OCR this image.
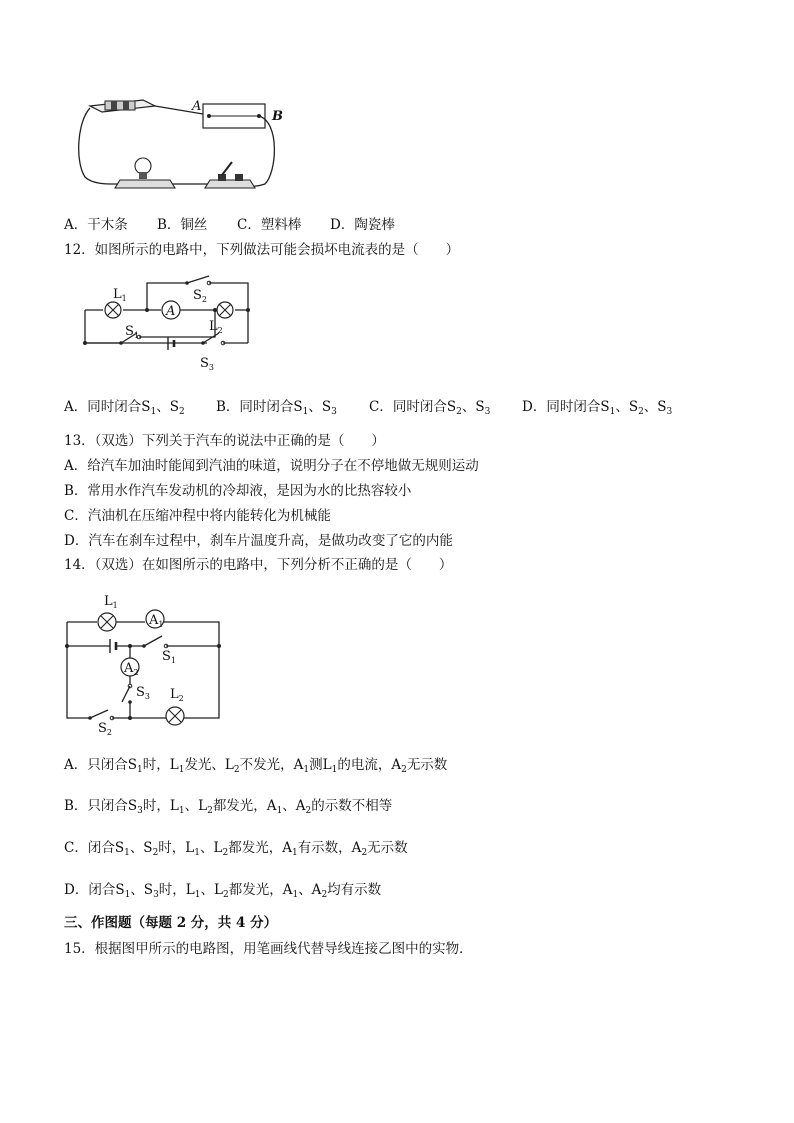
A
B
A．干木条 B．铜丝 C．塑料棒 D．陶瓷棒
12．如图所示的电路中，下列做法可能会损坏电流表的是（　　）
A
$L_1$	$S_2$
$S_1$
$L_2$
$S_3$
A．同时闭合$S_1$、$S_2$ B．同时闭合$S_1$、$S_3$ C．同时闭合$S_2$、$S_3$ D．同时闭合$S_1$、$S_2$、$S_3$
13．（双选）下列关于汽车的说法中正确的是（　　）
A．给汽车加油时能闻到汽油的味道，说明分子在不停地做无规则运动
B．常用水作汽车发动机的冷却液，是因为水的比热容较小
C．汽油机在压缩冲程中将内能转化为机械能
D．汽车在刹车过程中，刹车片温度升高，是做功改变了它的内能
14．（双选）在如图所示的电路中，下列分析不正确的是（　　）
$L_1$
$A_1$
$S_1$
$A_2$
$S_3$ $L_2$
$S_2$
A．只闭合$S_1$时，$L_1$发光、$L_2$不发光，$A_1$测$L_1$的电流，$A_2$无示数
B．只闭合$S_3$时，$L_1$、$L_2$都发光，$A_1$、$A_2$的示数不相等
C．闭合$S_1$、$S_2$时，$L_1$、$L_2$都发光，$A_1$有示数，$A_2$无示数
D．闭合$S_1$、$S_3$时，$L_1$、$L_2$都发光，$A_1$、$A_2$均有示数
三、作图题（每题 2 分，共 4 分）
15．根据图甲所示的电路图，用笔画线代替导线连接乙图中的实物．
